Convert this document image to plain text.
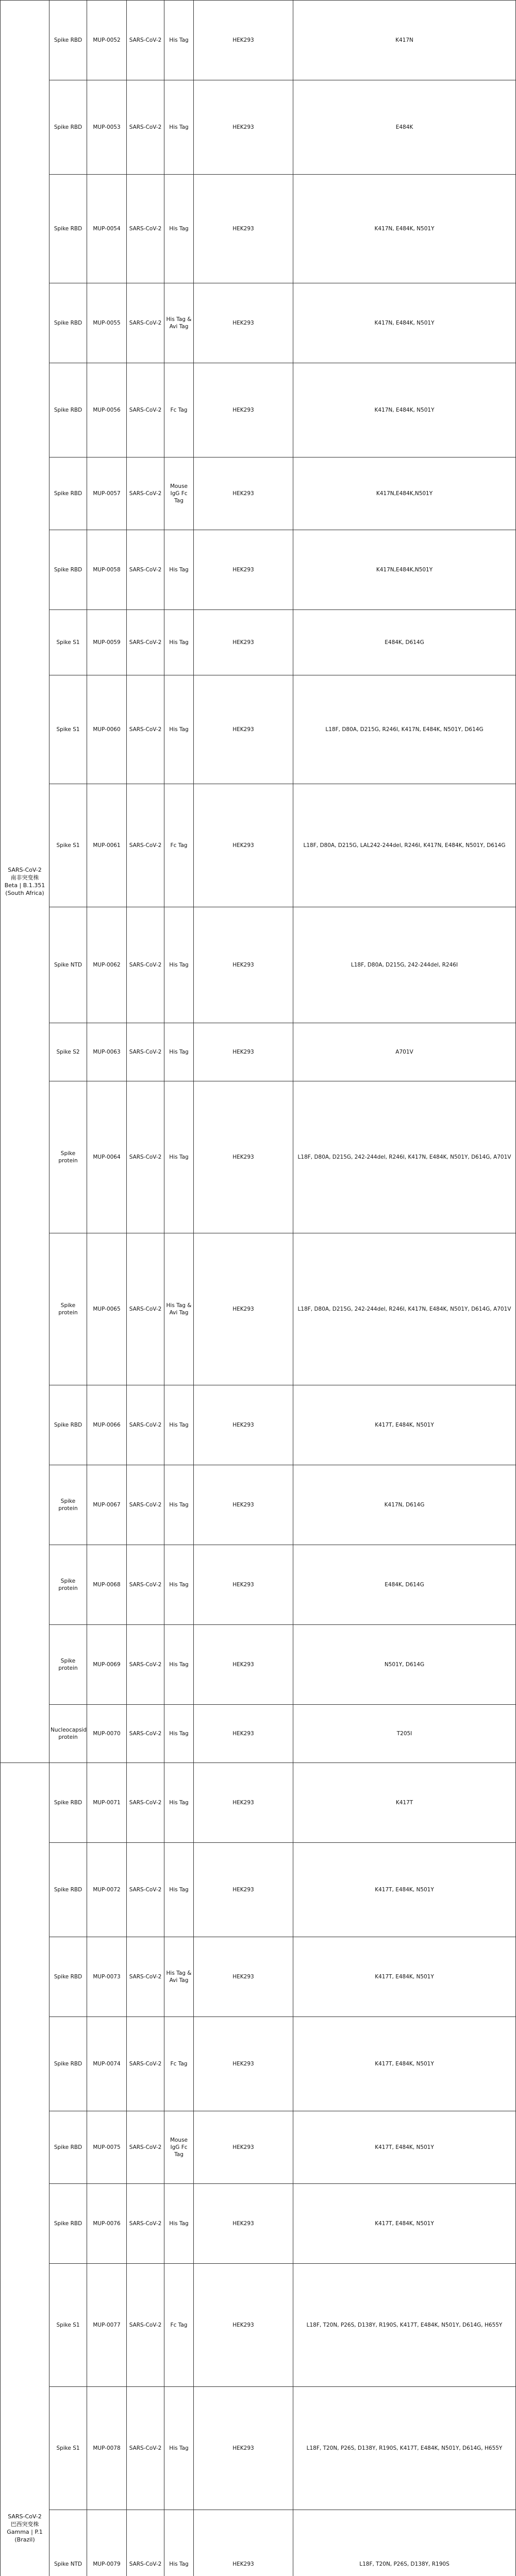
SARS-CoV-2
南非突变株
Beta | B.1.351
(South Africa)	Spike RBD	MUP-0052	SARS-CoV-2	His Tag	HEK293	K417N	
	Spike RBD	MUP-0053	SARS-CoV-2	His Tag	HEK293	E484K	
	Spike RBD	MUP-0054	SARS-CoV-2	His Tag	HEK293	K417N, E484K, N501Y	
	Spike RBD	MUP-0055	SARS-CoV-2	His Tag & Avi Tag	HEK293	K417N, E484K, N501Y	
	Spike RBD	MUP-0056	SARS-CoV-2	Fc Tag	HEK293	K417N, E484K, N501Y	
	Spike RBD	MUP-0057	SARS-CoV-2	Mouse IgG Fc Tag	HEK293	K417N,E484K,N501Y	
	Spike RBD	MUP-0058	SARS-CoV-2	His Tag	HEK293	K417N,E484K,N501Y	
	Spike S1	MUP-0059	SARS-CoV-2	His Tag	HEK293	E484K, D614G	
	Spike S1	MUP-0060	SARS-CoV-2	His Tag	HEK293	L18F, D80A, D215G, R246I, K417N, E484K, N501Y, D614G	
	Spike S1	MUP-0061	SARS-CoV-2	Fc Tag	HEK293	L18F, D80A, D215G, LAL242-244del, R246I, K417N, E484K, N501Y, D614G	
	Spike NTD	MUP-0062	SARS-CoV-2	His Tag	HEK293	L18F, D80A, D215G, 242-244del, R246I	
	Spike S2	MUP-0063	SARS-CoV-2	His Tag	HEK293	A701V	
	Spike protein	MUP-0064	SARS-CoV-2	His Tag	HEK293	L18F, D80A, D215G, 242-244del, R246I, K417N, E484K, N501Y, D614G, A701V	
	Spike protein	MUP-0065	SARS-CoV-2	His Tag & Avi Tag	HEK293	L18F, D80A, D215G, 242-244del, R246I, K417N, E484K, N501Y, D614G, A701V	
	Spike RBD	MUP-0066	SARS-CoV-2	His Tag	HEK293	K417T, E484K, N501Y	
	Spike protein	MUP-0067	SARS-CoV-2	His Tag	HEK293	K417N, D614G	
	Spike protein	MUP-0068	SARS-CoV-2	His Tag	HEK293	E484K, D614G	
	Spike protein	MUP-0069	SARS-CoV-2	His Tag	HEK293	N501Y, D614G	
	Nucleocapsid protein	MUP-0070	SARS-CoV-2	His Tag	HEK293	T205I	

SARS-CoV-2
巴西突变株
Gamma | P.1
(Brazil)	Spike RBD	MUP-0071	SARS-CoV-2	His Tag	HEK293	K417T	
	Spike RBD	MUP-0072	SARS-CoV-2	His Tag	HEK293	K417T, E484K, N501Y	
	Spike RBD	MUP-0073	SARS-CoV-2	His Tag & Avi Tag	HEK293	K417T, E484K, N501Y	
	Spike RBD	MUP-0074	SARS-CoV-2	Fc Tag	HEK293	K417T, E484K, N501Y	
	Spike RBD	MUP-0075	SARS-CoV-2	Mouse IgG Fc Tag	HEK293	K417T, E484K, N501Y	
	Spike RBD	MUP-0076	SARS-CoV-2	His Tag	HEK293	K417T, E484K, N501Y	
	Spike S1	MUP-0077	SARS-CoV-2	Fc Tag	HEK293	L18F, T20N, P26S, D138Y, R190S, K417T, E484K, N501Y, D614G, H655Y	
	Spike S1	MUP-0078	SARS-CoV-2	His Tag	HEK293	L18F, T20N, P26S, D138Y, R190S, K417T, E484K, N501Y, D614G, H655Y	
	Spike NTD	MUP-0079	SARS-CoV-2	His Tag	HEK293	L18F, T20N, P26S, D138Y, R190S	
